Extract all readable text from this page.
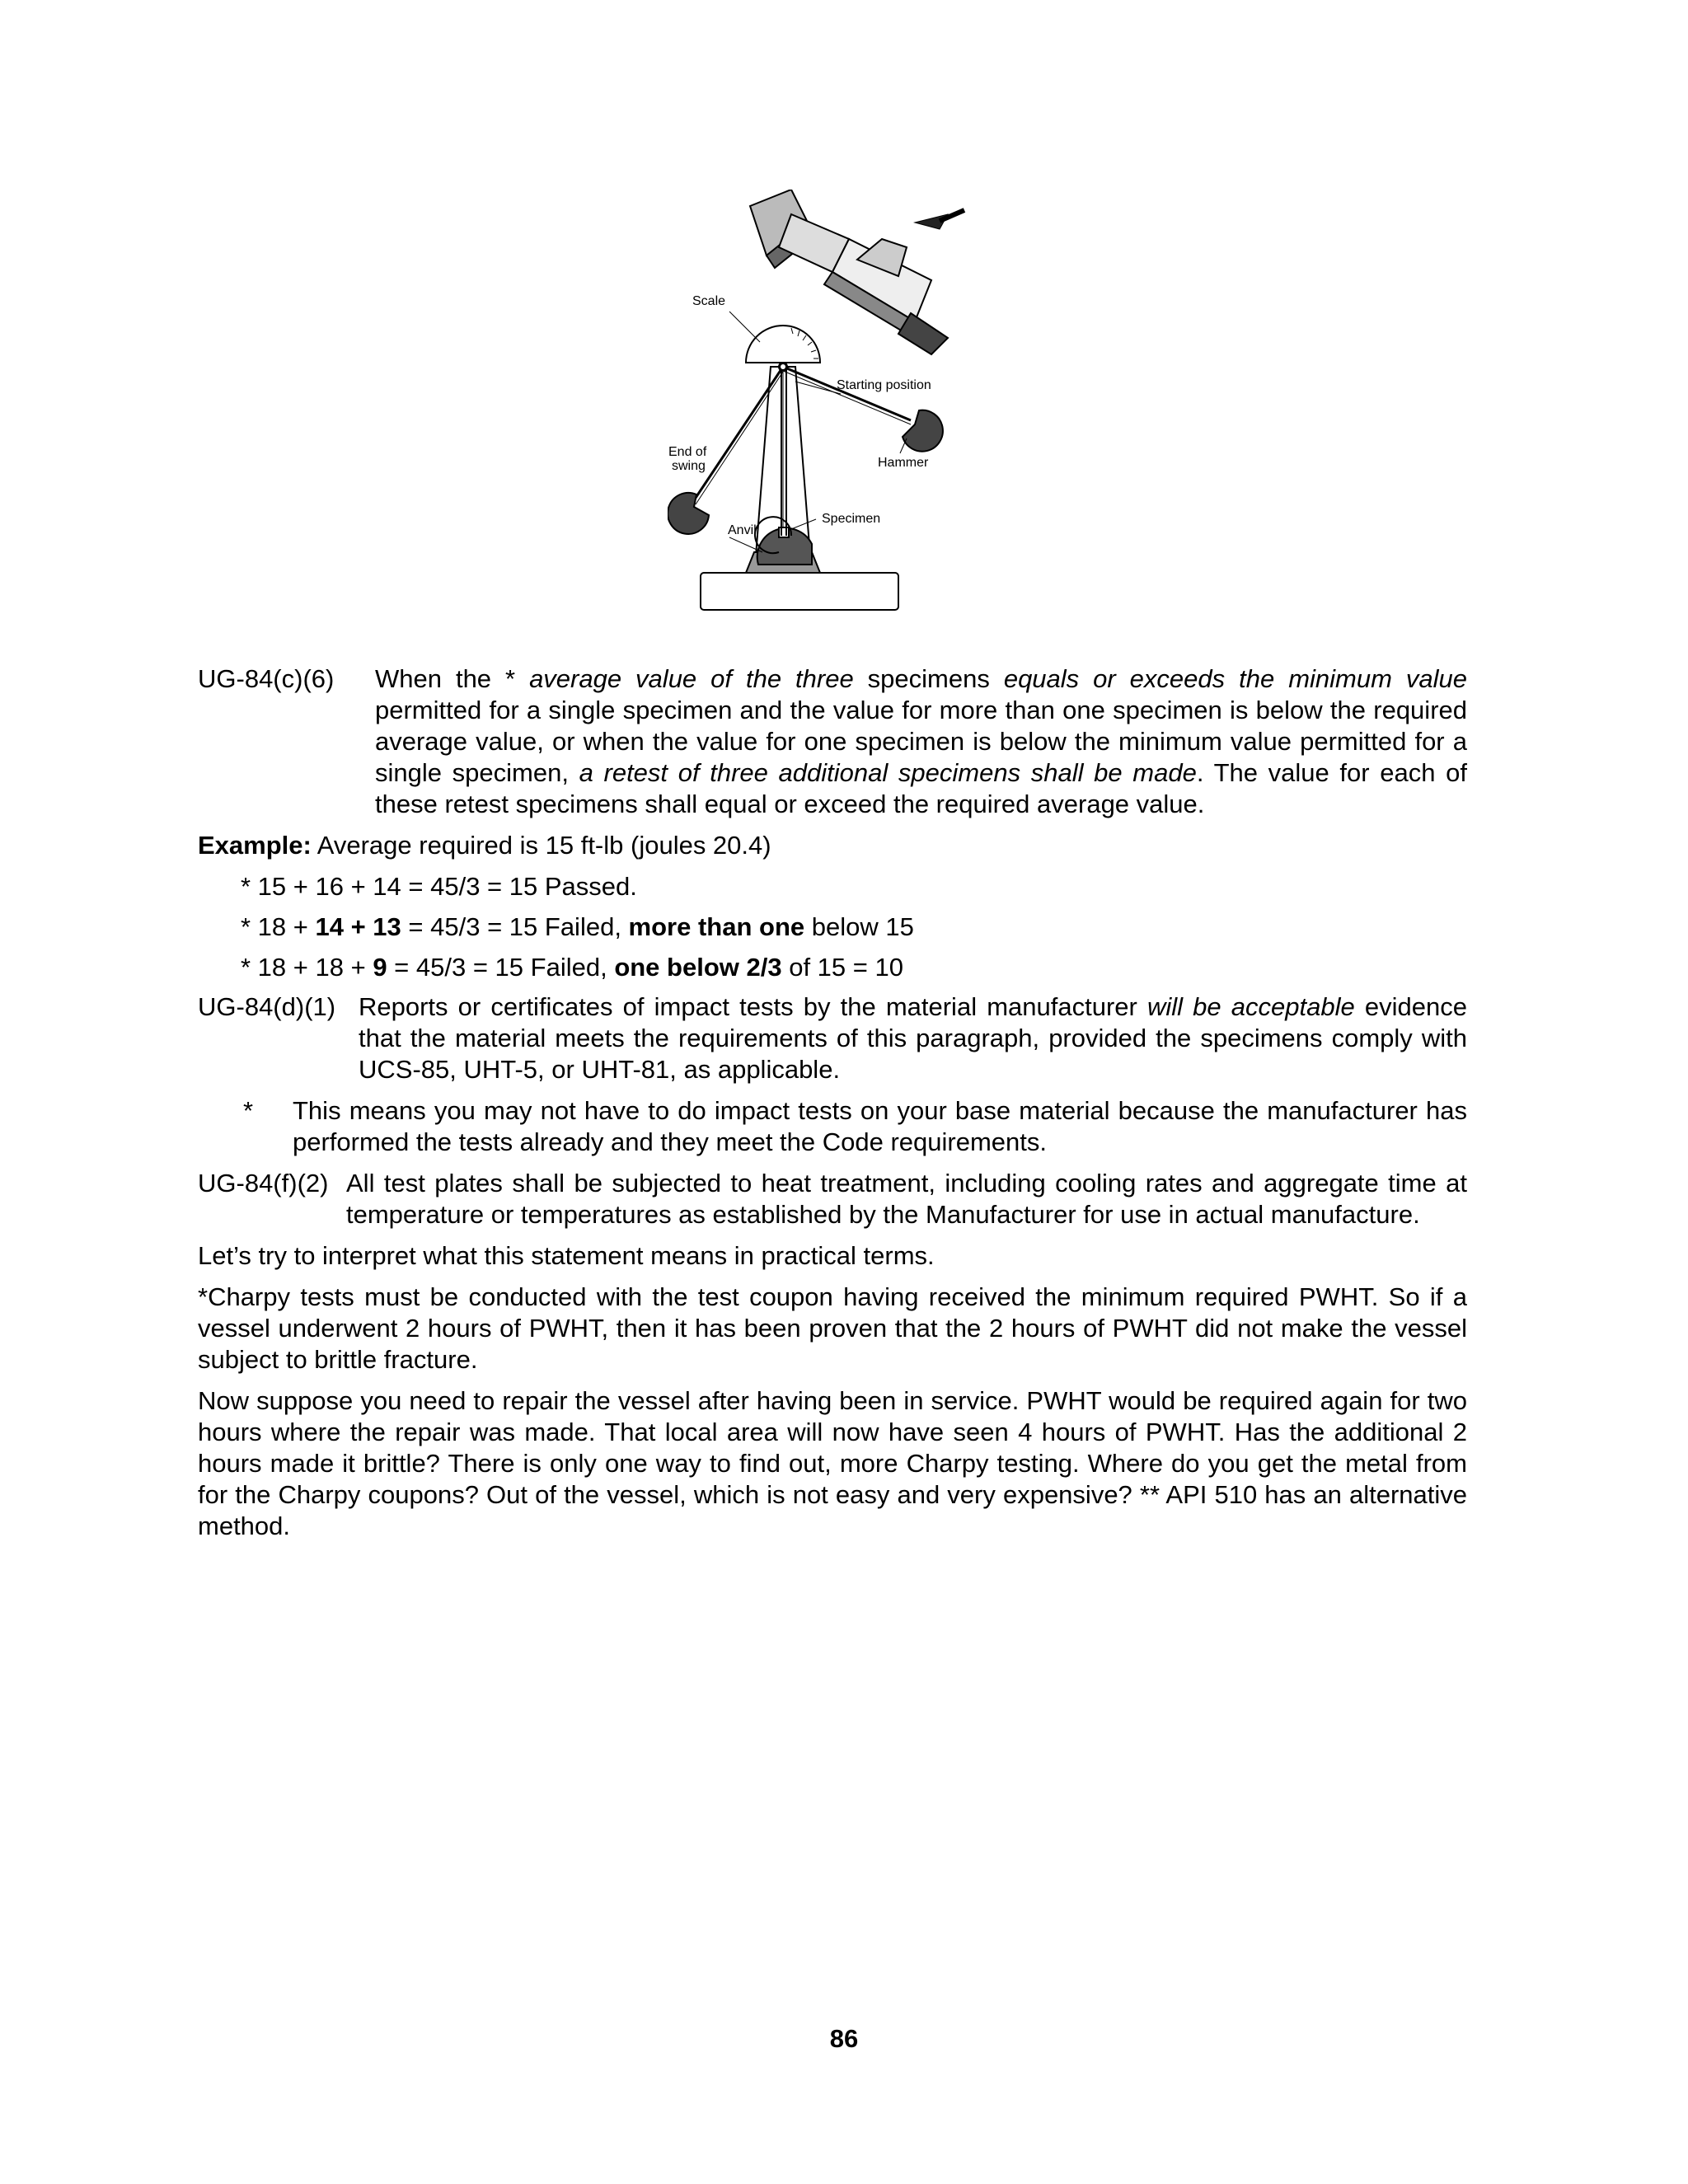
Scale
Starting position
End of
swing	Hammer
Specimen
Anvil
UG-84(c)(6)	When the * average value of the three specimens equals or exceeds the minimum value permitted for a single specimen and the value for more than one specimen is below the required average value, or when the value for one specimen is below the minimum value permitted for a single specimen, a retest of three additional specimens shall be made. The value for each of these retest specimens shall equal or exceed the required average value.
Example: Average required is 15 ft-lb (joules 20.4)
* 15 + 16 + 14 = 45/3 = 15 Passed.
* 18 + 14 + 13 = 45/3 = 15 Failed, more than one below 15
* 18 + 18 + 9 = 45/3 = 15 Failed, one below 2/3 of 15 = 10
UG-84(d)(1) Reports or certificates of impact tests by the material manufacturer will be acceptable evidence that the material meets the requirements of this paragraph, provided the specimens comply with UCS-85, UHT-5, or UHT-81, as applicable.
*	This means you may not have to do impact tests on your base material because the manufacturer has performed the tests already and they meet the Code requirements.
UG-84(f)(2) All test plates shall be subjected to heat treatment, including cooling rates and aggregate time at temperature or temperatures as established by the Manufacturer for use in actual manufacture.
Let’s try to interpret what this statement means in practical terms.
*Charpy tests must be conducted with the test coupon having received the minimum required PWHT. So if a vessel underwent 2 hours of PWHT, then it has been proven that the 2 hours of PWHT did not make the vessel subject to brittle fracture.
Now suppose you need to repair the vessel after having been in service. PWHT would be required again for two hours where the repair was made. That local area will now have seen 4 hours of PWHT. Has the additional 2 hours made it brittle? There is only one way to find out, more Charpy testing. Where do you get the metal from for the Charpy coupons? Out of the vessel, which is not easy and very expensive? ** API 510 has an alternative method.
86
